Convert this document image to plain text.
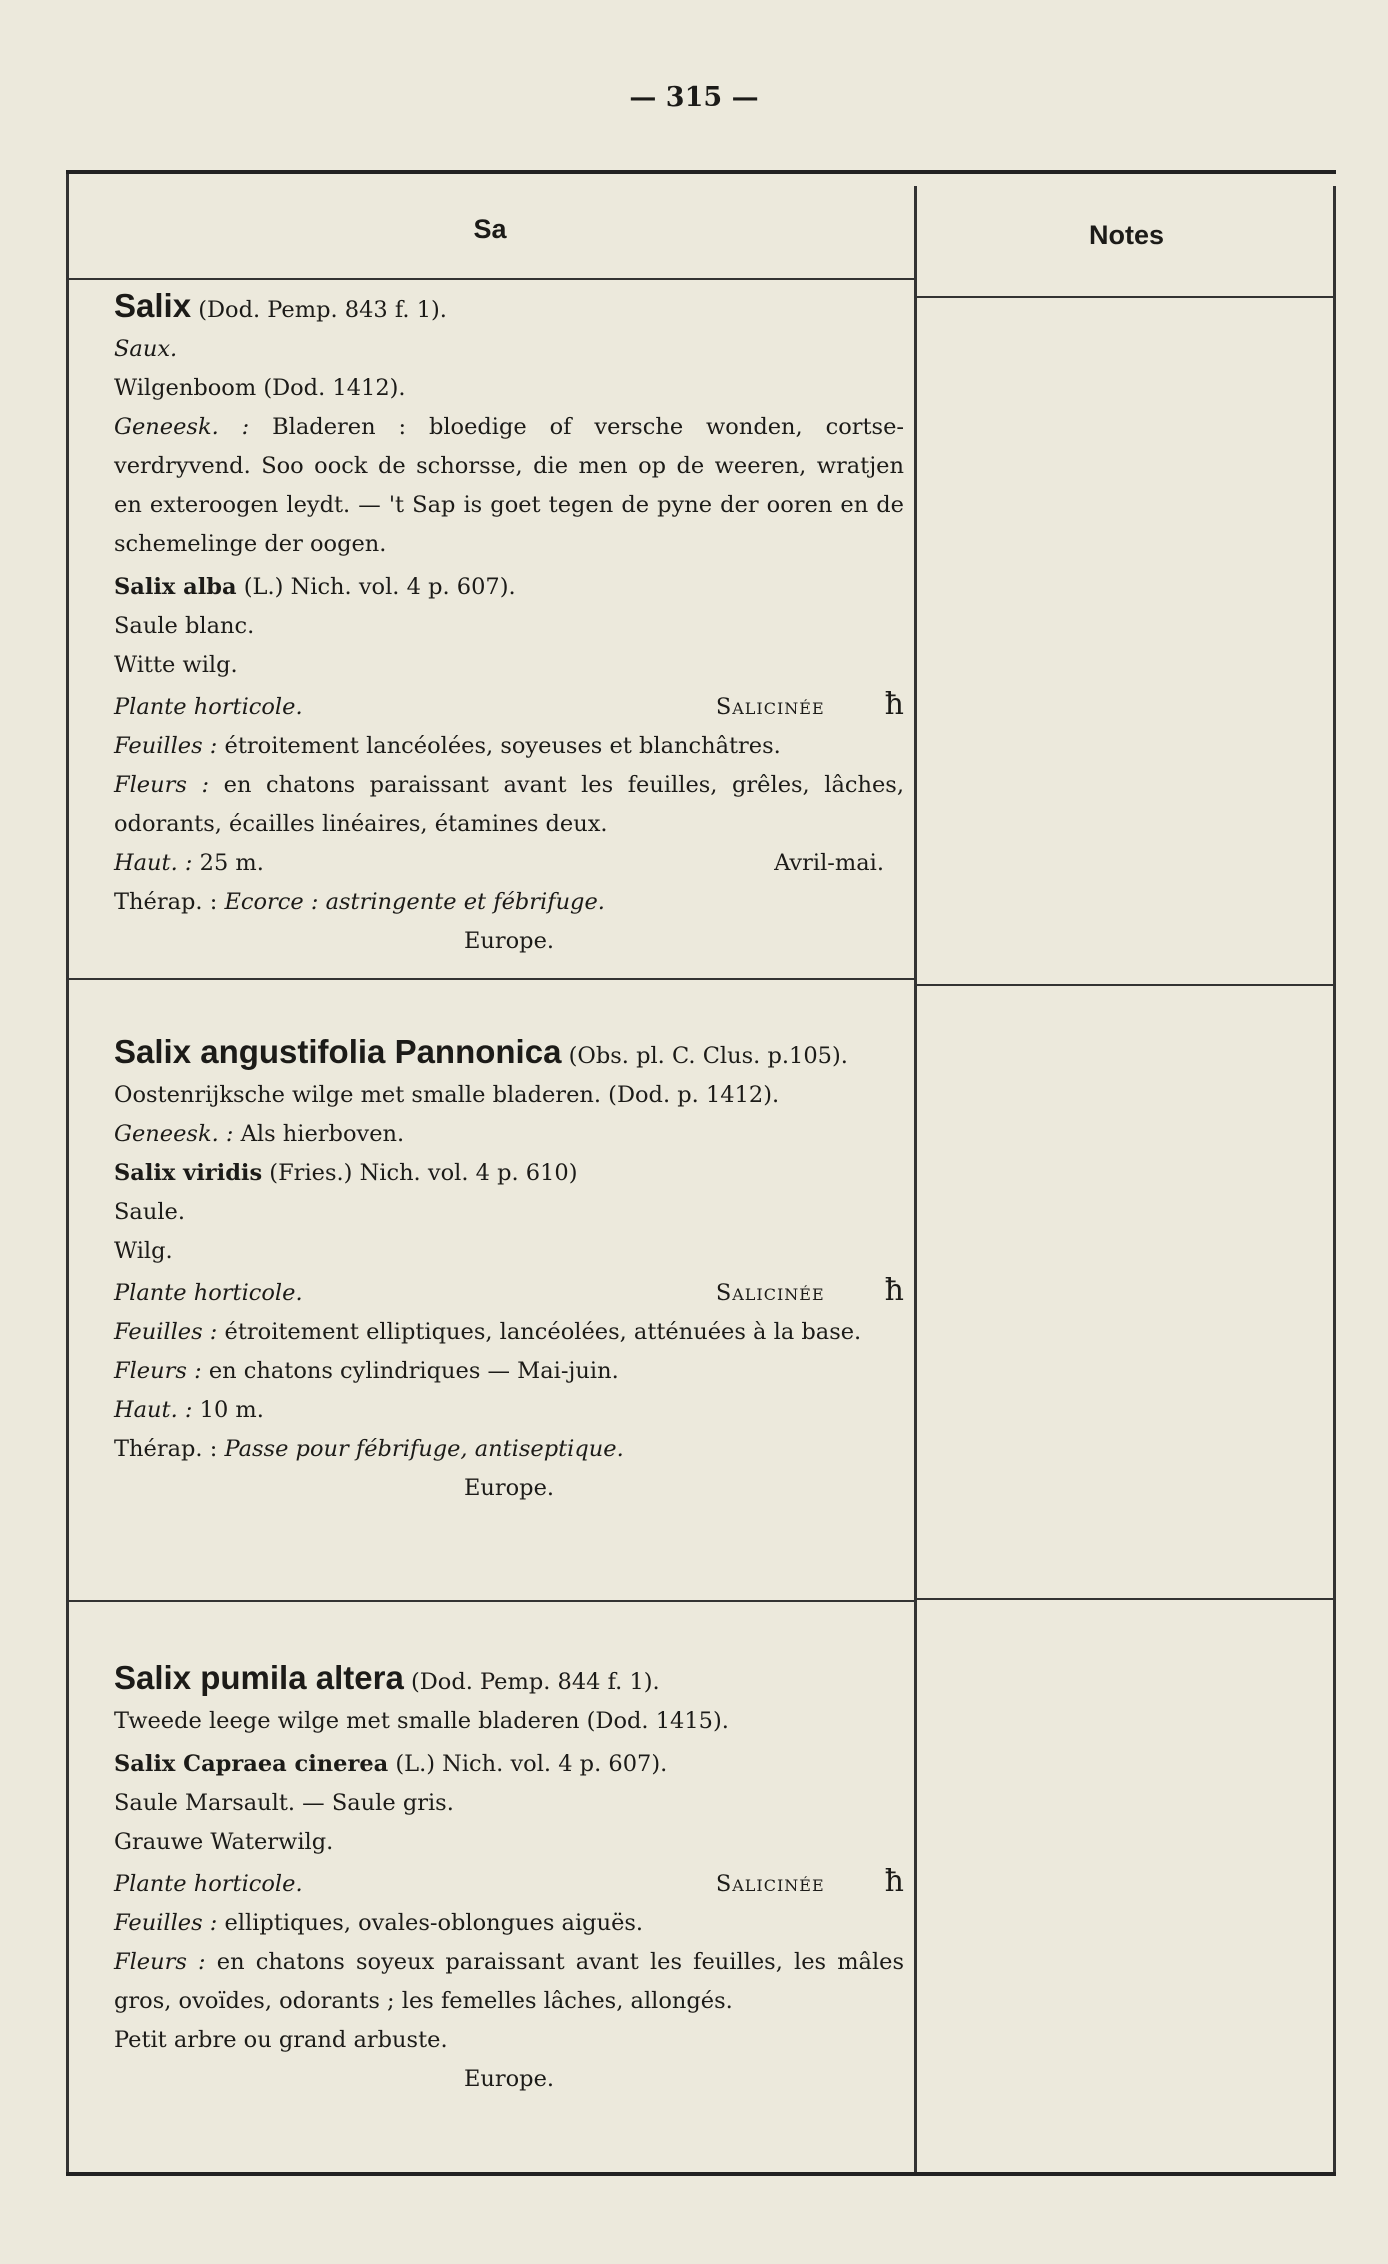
— 315 —
Sa	Notes

Salix (Dod. Pemp. 843 f. 1).

Saux.

Wilgenboom (Dod. 1412).

Geneesk. : Bladeren : bloedige of versche wonden, cortse-verdryvend. Soo oock de schorsse, die men op de weeren, wratjen en exteroogen leydt. — 't Sap is goet tegen de pyne der ooren en de schemelinge der oogen.

Salix alba (L.) Nich. vol. 4 p. 607).

Saule blanc.

Witte wilg.

Plante horticole.	Salicinée ħ

Feuilles : étroitement lancéolées, soyeuses et blanchâtres.

Fleurs : en chatons paraissant avant les feuilles, grêles, lâches, odorants, écailles linéaires, étamines deux.

Haut. : 25 m.	Avril-mai.

Thérap. : Ecorce : astringente et fébrifuge.

Europe.

Salix angustifolia Pannonica (Obs. pl. C. Clus. p.105).

Oostenrijksche wilge met smalle bladeren. (Dod. p. 1412).

Geneesk. : Als hierboven.

Salix viridis (Fries.) Nich. vol. 4 p. 610)

Saule.

Wilg.

Plante horticole.	Salicinée ħ

Feuilles : étroitement elliptiques, lancéolées, atténuées à la base.

Fleurs : en chatons cylindriques — Mai-juin.

Haut. : 10 m.

Thérap. : Passe pour fébrifuge, antiseptique.

Europe.

Salix pumila altera (Dod. Pemp. 844 f. 1).

Tweede leege wilge met smalle bladeren (Dod. 1415).

Salix Capraea cinerea (L.) Nich. vol. 4 p. 607).

Saule Marsault. — Saule gris.

Grauwe Waterwilg.

Plante horticole.	Salicinée ħ

Feuilles : elliptiques, ovales-oblongues aiguës.

Fleurs : en chatons soyeux paraissant avant les feuilles, les mâles gros, ovoïdes, odorants ; les femelles lâches, allongés.

Petit arbre ou grand arbuste.

Europe.
